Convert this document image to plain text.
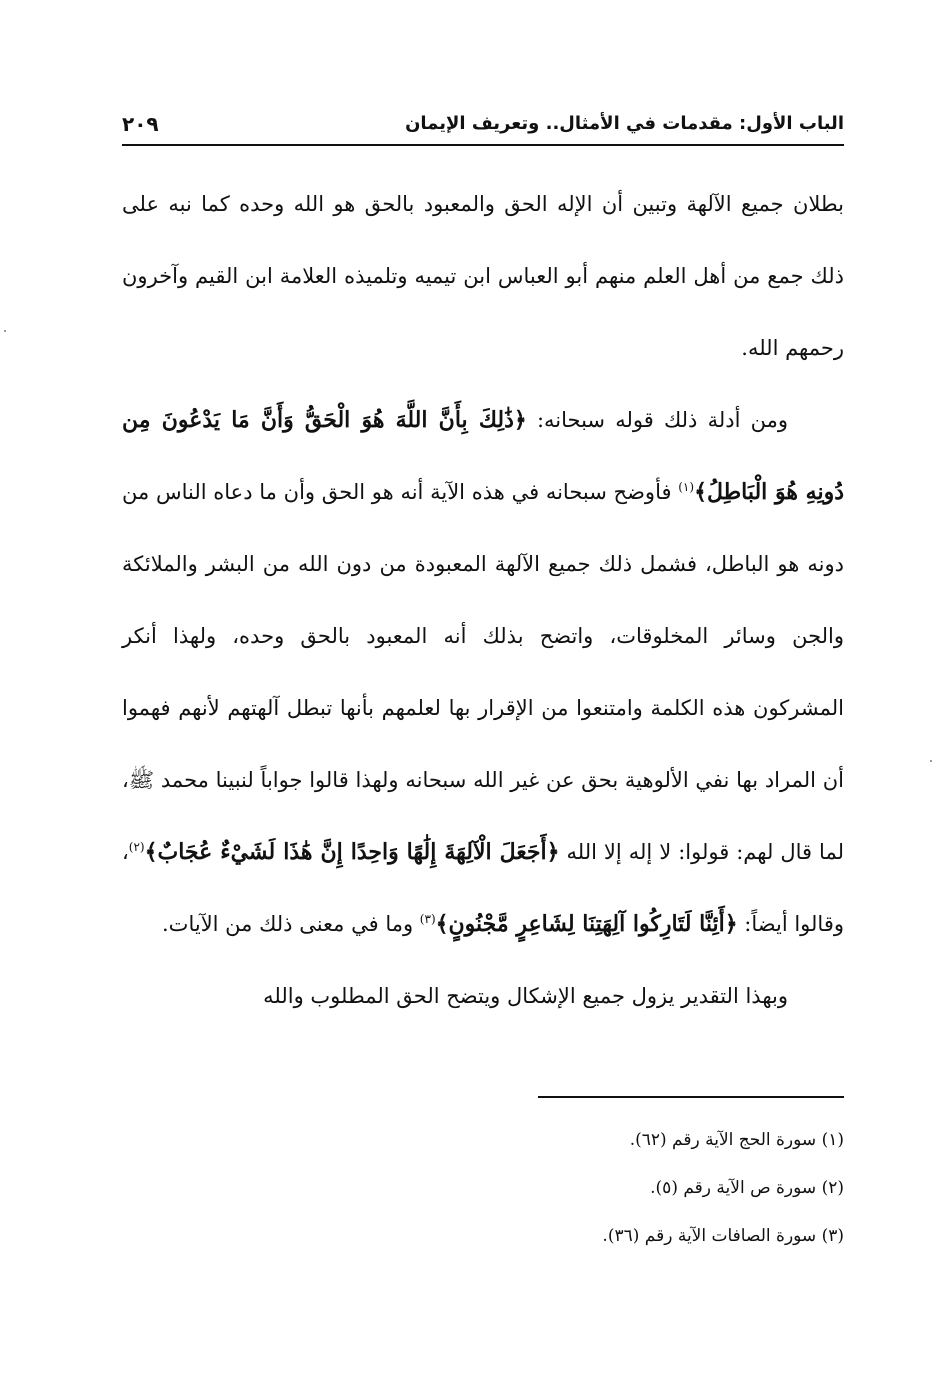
الباب الأول: مقدمات في الأمثال.. وتعريف الإيمان
٢٠٩

بطلان جميع الآلهة وتبين أن الإله الحق والمعبود بالحق هو الله وحده كما نبه على ذلك جمع من أهل العلم منهم أبو العباس ابن تيميه وتلميذه العلامة ابن القيم وآخرون رحمهم الله.

ومن أدلة ذلك قوله سبحانه: ﴿ذَٰلِكَ بِأَنَّ اللَّهَ هُوَ الْحَقُّ وَأَنَّ مَا يَدْعُونَ مِن دُونِهِ هُوَ الْبَاطِلُ﴾$^{(١)}$ فأوضح سبحانه في هذه الآية أنه هو الحق وأن ما دعاه الناس من دونه هو الباطل، فشمل ذلك جميع الآلهة المعبودة من دون الله من البشر والملائكة والجن وسائر المخلوقات، واتضح بذلك أنه المعبود بالحق وحده، ولهذا أنكر المشركون هذه الكلمة وامتنعوا من الإقرار بها لعلمهم بأنها تبطل آلهتهم لأنهم فهموا أن المراد بها نفي الألوهية بحق عن غير الله سبحانه ولهذا قالوا جواباً لنبينا محمد ﷺ، لما قال لهم: قولوا: لا إله إلا الله ﴿أَجَعَلَ الْآلِهَةَ إِلَٰهًا وَاحِدًا إِنَّ هَٰذَا لَشَيْءٌ عُجَابٌ﴾$^{(٢)}$، وقالوا أيضاً: ﴿أَئِنَّا لَتَارِكُوا آلِهَتِنَا لِشَاعِرٍ مَّجْنُونٍ﴾$^{(٣)}$ وما في معنى ذلك من الآيات.

وبهذا التقدير يزول جميع الإشكال ويتضح الحق المطلوب والله

(١) سورة الحج الآية رقم (٦٢).

(٢) سورة ص الآية رقم (٥).

(٣) سورة الصافات الآية رقم (٣٦).
